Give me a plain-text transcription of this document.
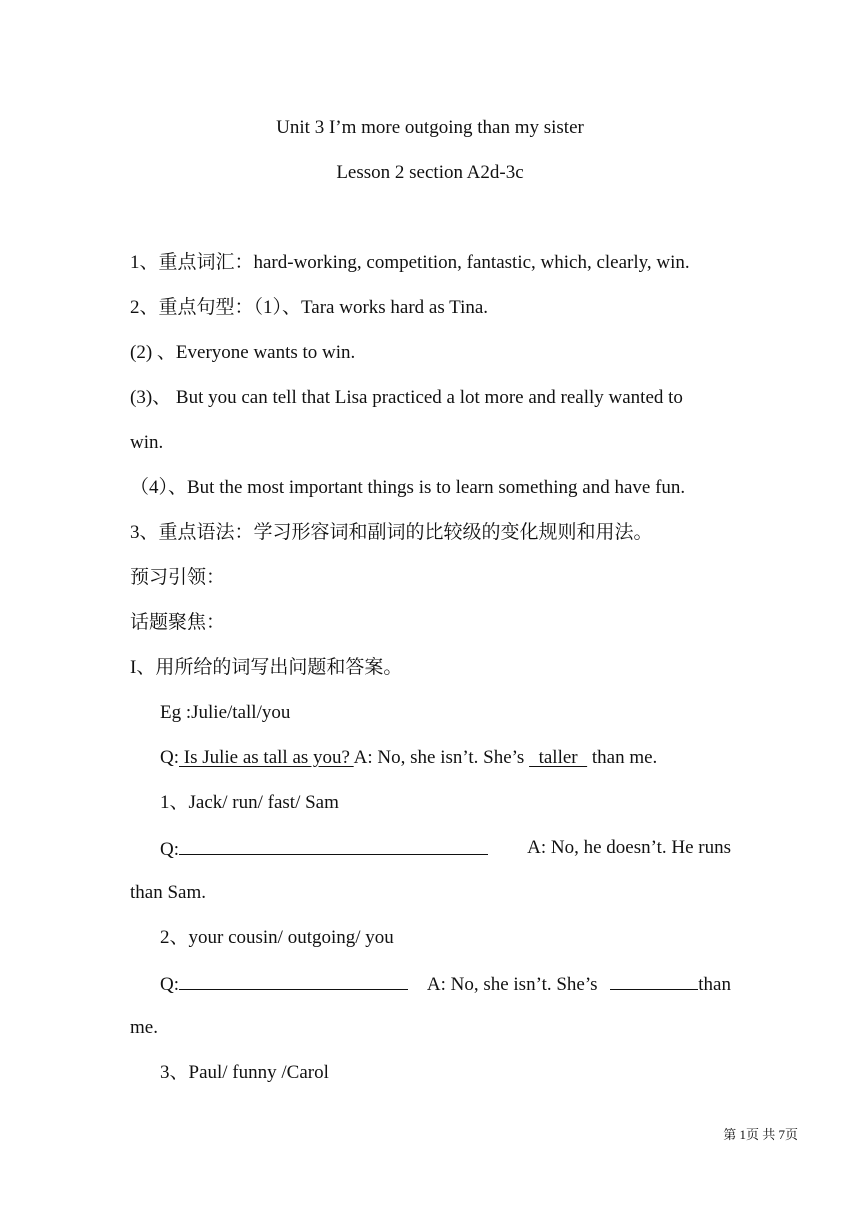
Unit 3 I’m more outgoing than my sister
Lesson 2 section A2d-3c
1、重点词汇：hard-working, competition, fantastic, which, clearly, win.
2、重点句型：（1）、Tara works hard as Tina.
(2) 、Everyone wants to win.
(3)、 But you can tell that Lisa practiced a lot more and really wanted to
win.
（4）、But the most important things is to learn something and have fun.
3、重点语法：学习形容词和副词的比较级的变化规则和用法。
预习引领：
话题聚焦：
I、用所给的词写出问题和答案。
Eg :Julie/tall/you
Q: Is Julie as tall as you? A: No, she isn’t. She’s   taller   than me.
1、Jack/ run/ fast/ Sam
Q:	A: No, he doesn’t. He runs
than Sam.
2、your cousin/ outgoing/ you
Q:	A: No, she isn’t. She’s	than
me.
3、Paul/ funny /Carol
第 1页 共 7页
